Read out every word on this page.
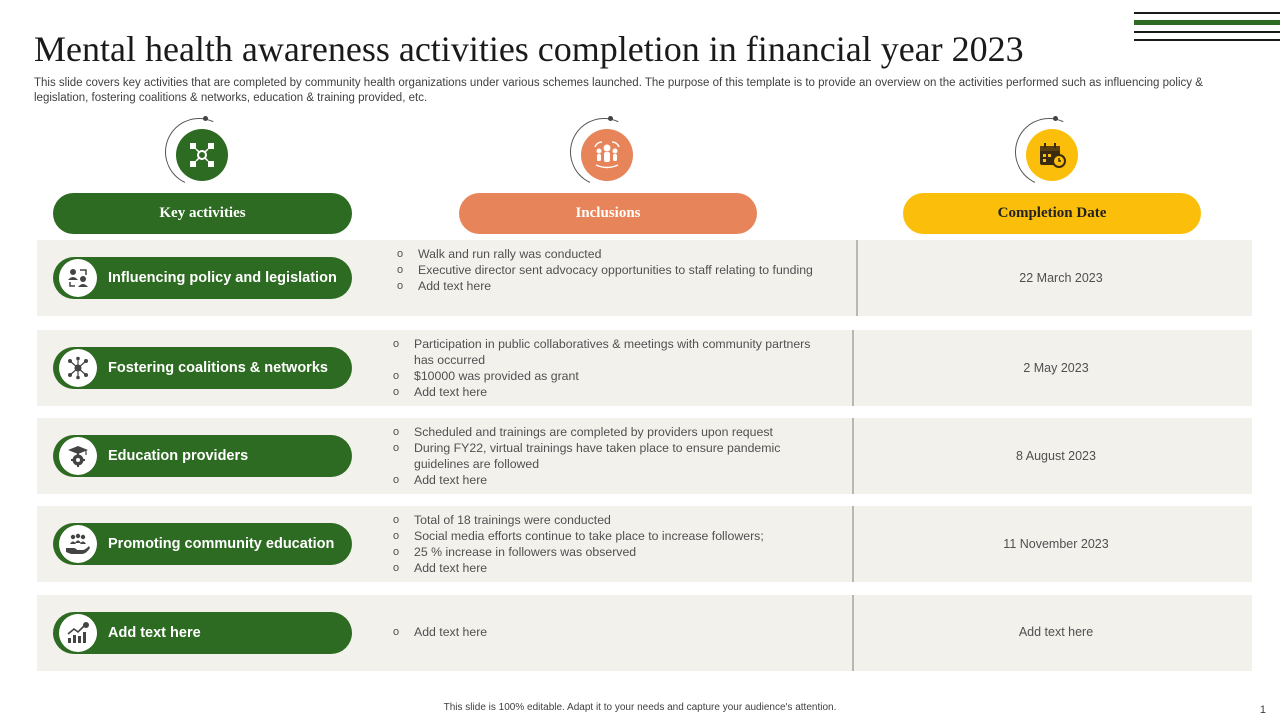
Mental health awareness activities completion in financial year 2023
This slide covers key activities that are completed by community health organizations under various schemes launched. The purpose of this template is to provide an overview on the activities performed such as influencing policy & legislation, fostering coalitions & networks, education & training provided, etc.
Key activities	Inclusions	Completion Date
Influencing policy and legislation
o Walk and run rally was conducted
o Executive director sent advocacy opportunities to staff relating to funding
o Add text here
22 March 2023
Fostering coalitions & networks
o Participation in public collaboratives & meetings with community partners has occurred
o $10000 was provided as grant
o Add text here
2 May 2023
Education providers
o Scheduled and trainings are completed by providers upon request
o During FY22, virtual trainings have taken place to ensure pandemic guidelines are followed
o Add text here
8 August 2023
Promoting community education
o Total of 18 trainings were conducted
o Social media efforts continue to take place to increase followers;
o 25 % increase in followers was observed
o Add text here
11 November 2023
Add text here
o	Add text here	Add text here
This slide is 100% editable. Adapt it to your needs and capture your audience's attention.	1
